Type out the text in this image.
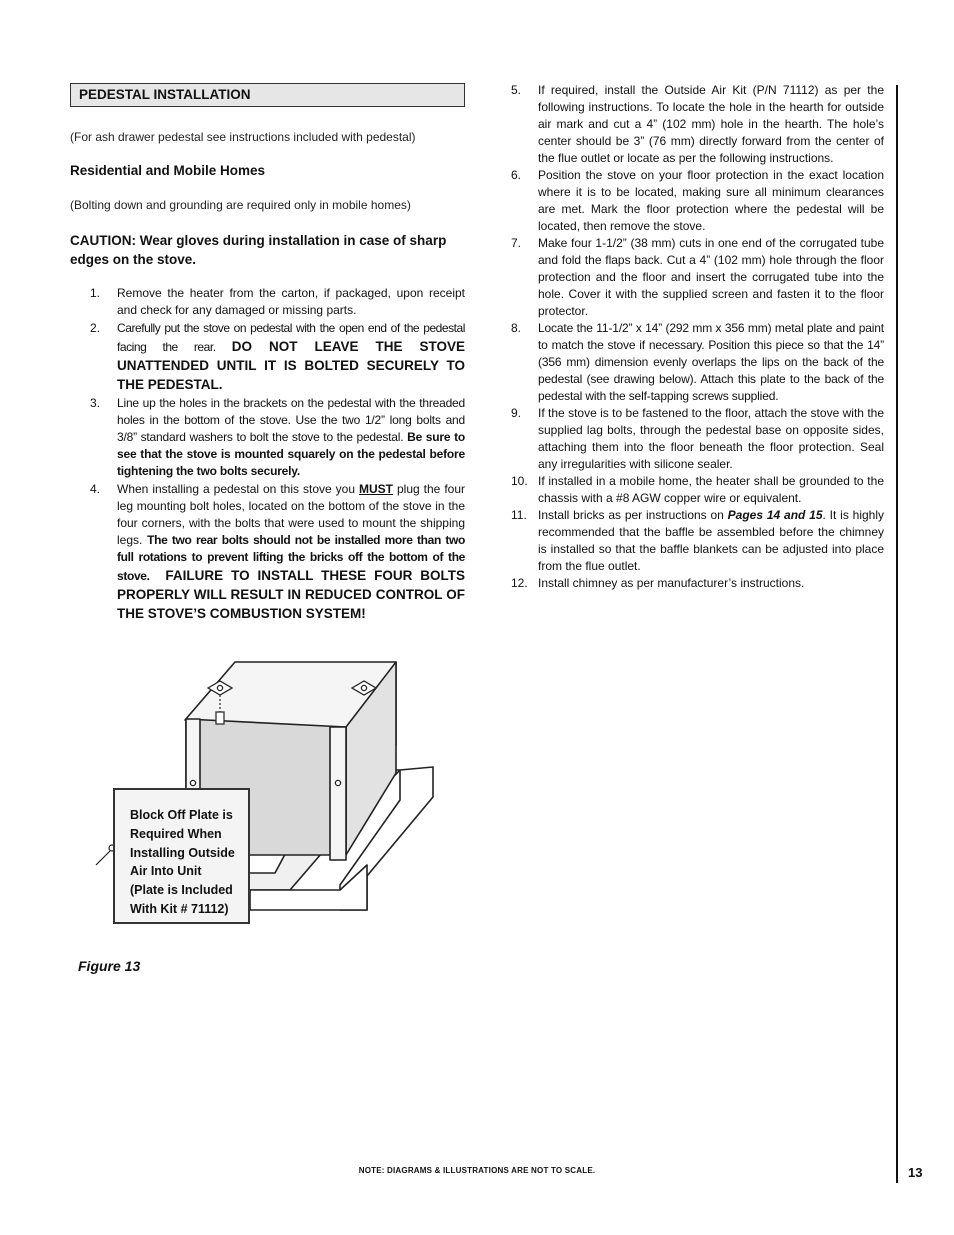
PEDESTAL INSTALLATION
(For ash drawer pedestal see instructions included with pedestal)
Residential and Mobile Homes
(Bolting down and grounding are required only in mobile homes)
CAUTION: Wear gloves during installation in case of sharp edges on the stove.
1.	Remove the heater from the carton, if packaged, upon receipt and check for any damaged or missing parts.
2.	Carefully put the stove on pedestal with the open end of the pedestal facing the rear. DO NOT LEAVE THE STOVE UNATTENDED UNTIL IT IS BOLTED SECURELY TO THE PEDESTAL.
3.	Line up the holes in the brackets on the pedestal with the threaded holes in the bottom of the stove. Use the two 1/2” long bolts and 3/8” standard washers to bolt the stove to the pedestal. Be sure to see that the stove is mounted squarely on the pedestal before tightening the two bolts securely.
4.	When installing a pedestal on this stove you MUST plug the four leg mounting bolt holes, located on the bottom of the stove in the four corners, with the bolts that were used to mount the shipping legs. The two rear bolts should not be installed more than two full rotations to prevent lifting the bricks off the bottom of the stove.  FAILURE TO INSTALL THESE FOUR BOLTS PROPERLY WILL RESULT IN REDUCED CONTROL OF THE STOVE’S COMBUSTION SYSTEM!
5.	If required, install the Outside Air Kit (P/N 71112) as per the following instructions. To locate the hole in the hearth for outside air mark and cut a 4” (102 mm) hole in the hearth. The hole’s center should be 3” (76 mm) directly forward from the center of the flue outlet or locate as per the following instructions.
6.	Position the stove on your floor protection in the exact location where it is to be located, making sure all minimum clearances are met. Mark the floor protection where the pedestal will be located, then remove the stove.
7.	Make four 1-1/2” (38 mm) cuts in one end of the corrugated tube and fold the flaps back. Cut a 4” (102 mm) hole through the floor protection and the floor and insert the corrugated tube into the hole. Cover it with the supplied screen and fasten it to the floor protector.
8.	Locate the 11-1/2” x 14” (292 mm x 356 mm) metal plate and paint to match the stove if necessary. Position this piece so that the 14” (356 mm) dimension evenly overlaps the lips on the back of the pedestal (see drawing below). Attach this plate to the back of the pedestal with the self-tapping screws supplied.
9.	If the stove is to be fastened to the floor, attach the stove with the supplied lag bolts, through the pedestal base on opposite sides, attaching them into the floor beneath the floor protection. Seal any irregularities with silicone sealer.
10. If installed in a mobile home, the heater shall be grounded to the chassis with a #8 AGW copper wire or equivalent.
11. Install bricks as per instructions on Pages 14 and 15. It is highly recommended that the baffle be assembled before the chimney is installed so that the baffle blankets can be adjusted into place from the flue outlet.
12. Install chimney as per manufacturer’s instructions.
Block Off Plate is Required When Installing Outside Air Into Unit (Plate is Included With Kit # 71112)
Figure 13
NOTE: DIAGRAMS & ILLUSTRATIONS ARE NOT TO SCALE.	13
